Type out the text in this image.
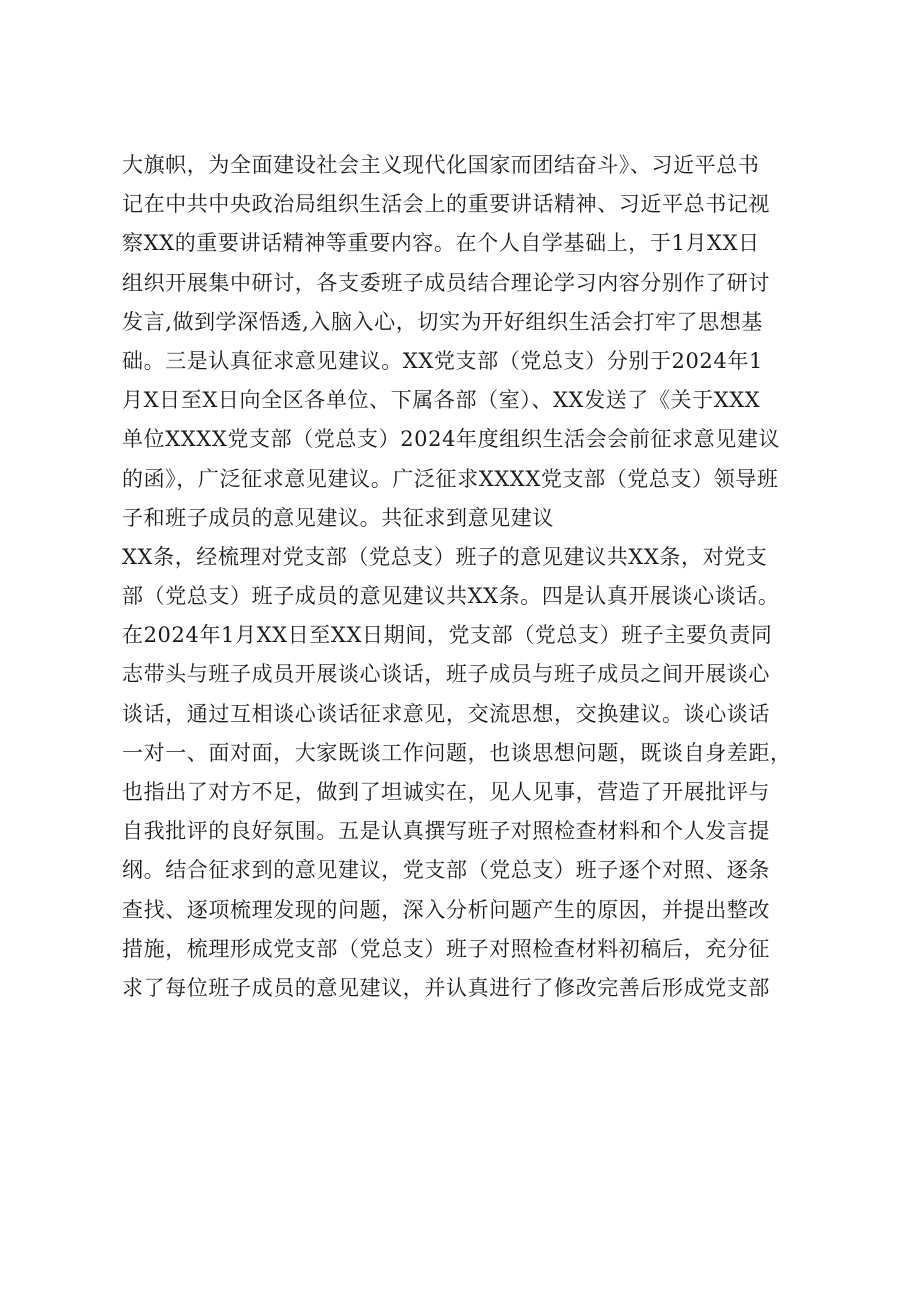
大旗帜，为全面建设社会主义现代化国家而团结奋斗》、习近平总书
记在中共中央政治局组织生活会上的重要讲话精神、习近平总书记视
察XX的重要讲话精神等重要内容。在个人自学基础上，于1月XX日
组织开展集中研讨，各支委班子成员结合理论学习内容分别作了研讨
发言,做到学深悟透,入脑入心，切实为开好组织生活会打牢了思想基
础。三是认真征求意见建议。XX党支部（党总支）分别于2024年1
月X日至X日向全区各单位、下属各部（室）、XX发送了《关于XXX
单位XXXX党支部（党总支）2024年度组织生活会会前征求意见建议
的函》，广泛征求意见建议。广泛征求XXXX党支部（党总支）领导班
子和班子成员的意见建议。共征求到意见建议
XX条，经梳理对党支部（党总支）班子的意见建议共XX条，对党支
部（党总支）班子成员的意见建议共XX条。四是认真开展谈心谈话。
在2024年1月XX日至XX日期间，党支部（党总支）班子主要负责同
志带头与班子成员开展谈心谈话，班子成员与班子成员之间开展谈心
谈话，通过互相谈心谈话征求意见，交流思想，交换建议。谈心谈话
一对一、面对面，大家既谈工作问题，也谈思想问题，既谈自身差距，
也指出了对方不足，做到了坦诚实在，见人见事，营造了开展批评与
自我批评的良好氛围。五是认真撰写班子对照检查材料和个人发言提
纲。结合征求到的意见建议，党支部（党总支）班子逐个对照、逐条
查找、逐项梳理发现的问题，深入分析问题产生的原因，并提出整改
措施，梳理形成党支部（党总支）班子对照检查材料初稿后，充分征
求了每位班子成员的意见建议，并认真进行了修改完善后形成党支部
